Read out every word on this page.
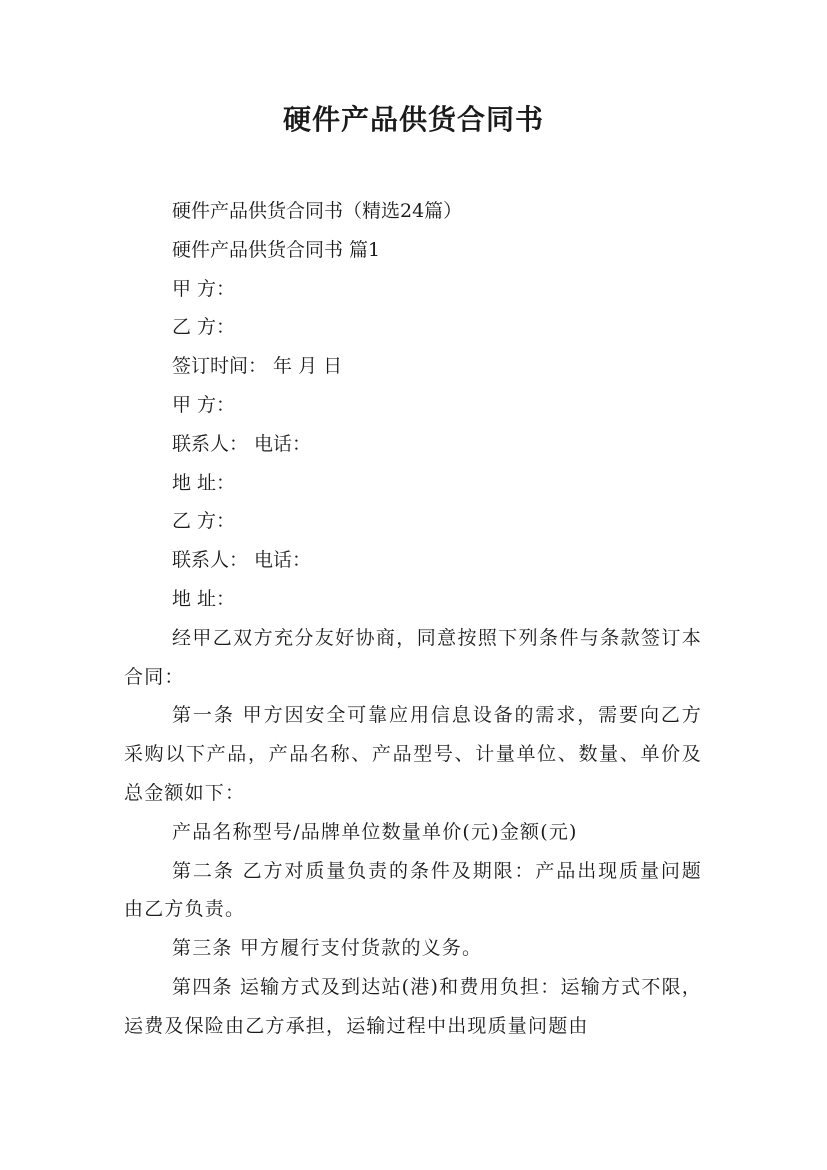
硬件产品供货合同书
硬件产品供货合同书（精选24篇）
硬件产品供货合同书 篇1
甲 方：
乙 方：
签订时间： 年 月 日
甲 方：
联系人： 电话：
地 址：
乙 方：
联系人： 电话：
地 址：
经甲乙双方充分友好协商，同意按照下列条件与条款签订本合同：
第一条 甲方因安全可靠应用信息设备的需求，需要向乙方采购以下产品，产品名称、产品型号、计量单位、数量、单价及总金额如下：
产品名称型号/品牌单位数量单价(元)金额(元)
第二条 乙方对质量负责的条件及期限：产品出现质量问题由乙方负责。
第三条 甲方履行支付货款的义务。
第四条 运输方式及到达站(港)和费用负担：运输方式不限，运费及保险由乙方承担，运输过程中出现质量问题由
